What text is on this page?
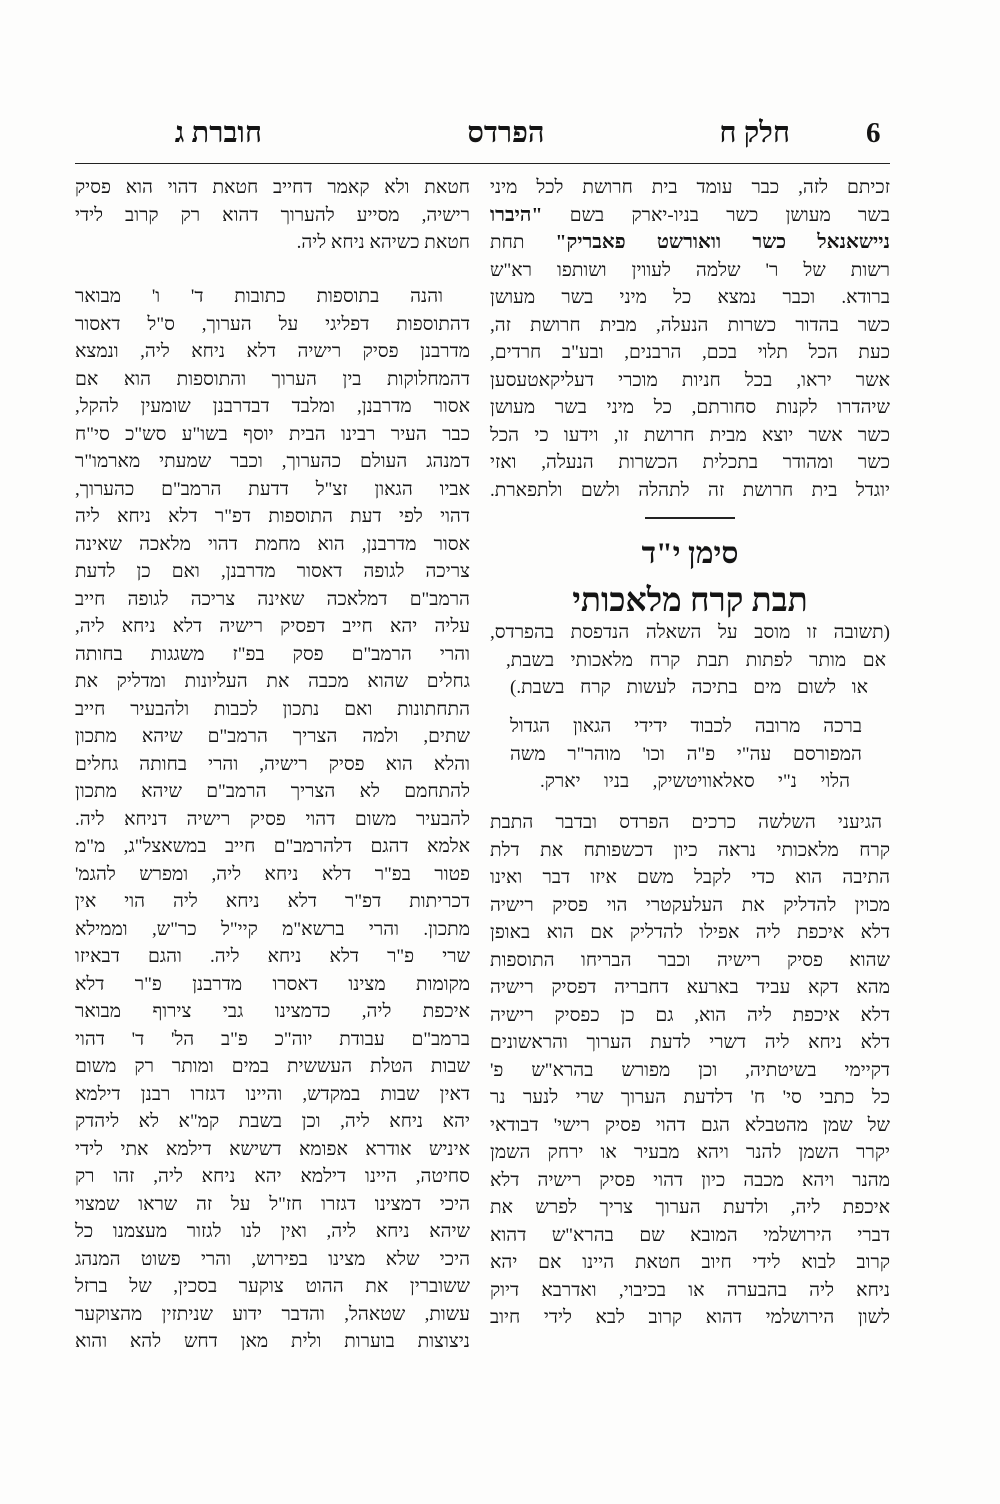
6
חלק ח
הפרדס
חוברת ג
זכיתם לזה, כבר עומד בית חרושת לכל מיני
בשר מעושן כשר בניו-יארק בשם "היברו
ניישאנאל כשר וואורשט פאבריק" תחת
רשות של ר' שלמה לעווין ושותפו רא"ש
ברודא. וכבר נמצא כל מיני בשר מעושן
כשר בהדור כשרות הנעלה, מבית חרושת זה,
כעת הכל תלוי בכם, הרבנים, ובע"ב חרדים,
אשר יראו, בכל חניות מוכרי דעליקאטעסען
שיהדרו לקנות סחורתם, כל מיני בשר מעושן
כשר אשר יוצא מבית חרושת זו, וידעו כי הכל
כשר ומהודר בתכלית הכשרות הנעלה, ואזי
יוגדל בית חרושת זה לתהלה ולשם ולתפארת.
סימן י"ד
תבת קרח מלאכותי
(תשובה זו מוסב על השאלה הנדפסת בהפרדס,
אם מותר לפתות תבת קרח מלאכותי בשבת,
או לשום מים בתיכה לעשות קרח בשבת.)
ברכה מרובה לכבוד ידידי הגאון הגדול
המפורסם עה"י פ"ה וכו' מוהר"ר משה
הלוי נ"י סאלאוויטשיק, בניו יארק.
הגיעני השלשה כרכים הפרדס ובדבר התבת
קרח מלאכותי נראה כיון דכשפותח את דלת
התיבה הוא כדי לקבל משם איזו דבר ואינו
מכוין להדליק את העלעקטרי הוי פסיק רישיה
דלא איכפת ליה אפילו להדליק אם הוא באופן
שהוא פסיק רישיה וכבר הבריחו התוספות
מהא דקא עביד בארעא דחבריה דפסיק רישיה
דלא איכפת ליה הוא, גם כן כפסיק רישיה
דלא ניחא ליה דשרי לדעת הערוך והראשונים
דקיימי בשיטתיה, וכן מפורש בהרא"ש פ'
כל כתבי סי' ח' דלדעת הערוך שרי לנער נר
של שמן מהטבלא הגם דהוי פסיק רישי' דבודאי
יקרר השמן להנר ויהא מבעיר או ירחק השמן
מהנר ויהא מכבה כיון דהוי פסיק רישיה דלא
איכפת ליה, ולדעת הערוך צריך לפרש את
דברי הירושלמי המובא שם בהרא"ש דהוא
קרוב לבוא לידי חיוב חטאת היינו אם יהא
ניחא ליה בהבערה או בכיבוי, ואדרבא דיוק
לשון הירושלמי דהוא קרוב לבא לידי חיוב
חטאת ולא קאמר דחייב חטאת דהוי הוא פסיק
רישיה, מסייע להערוך דהוא רק קרוב לידי
חטאת כשיהא ניחא ליה.
והנה בתוספות כתובות ד' ו' מבואר
דהתוספות דפליגי על הערוך, ס"ל דאסור
מדרבנן פסיק רישיה דלא ניחא ליה, ונמצא
דהמחלוקות בין הערוך והתוספות הוא אם
אסור מדרבנן, ומלבד דבדרבנן שומעין להקל,
כבר העיר רבינו הבית יוסף בשו"ע סש"כ סי"ח
דמנהג העולם כהערוך, וכבר שמעתי מארמו"ר
אביו הגאון זצ"ל דדעת הרמב"ם כהערוך,
דהוי לפי דעת התוספות דפ"ר דלא ניחא ליה
אסור מדרבנן, הוא מחמת דהוי מלאכה שאינה
צריכה לגופה דאסור מדרבנן, ואם כן לדעת
הרמב"ם דמלאכה שאינה צריכה לגופה חייב
עליה יהא חייב דפסיק רישיה דלא ניחא ליה,
והרי הרמב"ם פסק בפ"ז משגגות בחותה
גחלים שהוא מכבה את העליונות ומדליק את
התחתונות ואם נתכון לכבות ולהבעיר חייב
שתים, ולמה הצריך הרמב"ם שיהא מתכון
והלא הוא פסיק רישיה, והרי בחותה גחלים
להתחמם לא הצריך הרמב"ם שיהא מתכון
להבעיר משום דהוי פסיק רישיה דניחא ליה.
אלמא דהגם דלהרמב"ם חייב במשאצל"ג, מ"מ
פטור בפ"ר דלא ניחא ליה, ומפרש להגמ'
דכריתות דפ"ר דלא ניחא ליה הוי אין
מתכון. והרי ברשא"מ קיי"ל כר"ש, וממילא
שרי פ"ר דלא ניחא ליה. והגם דבאיזו
מקומות מצינו דאסרו מדרבנן פ"ר דלא
איכפת ליה, כדמצינו גבי צירוף מבואר
ברמב"ם עבודת יוה"כ פ"ב הל' ד' דהוי
שבות הטלת העששית במים ומותר רק משום
דאין שבות במקדש, והיינו דגזרו רבנן דילמא
יהא ניחא ליה, וכן בשבת קמ"א לא ליהדק
איניש אודרא אפומא דשישא דילמא אתי לידי
סחיטה, היינו דילמא יהא ניחא ליה, זהו רק
היכי דמצינו דגזרו חז"ל על זה שראו שמצוי
שיהא ניחא ליה, ואין לנו לגזור מעצמנו כל
היכי שלא מצינו בפירוש, והרי פשוט המנהג
ששוברין את ההוט צוקער בסכין, של ברזל
עשות, שטאהל, והדבר ידוע שניתזין מהצוקער
ניצוצות בוערות ולית מאן דחש להא והוא
